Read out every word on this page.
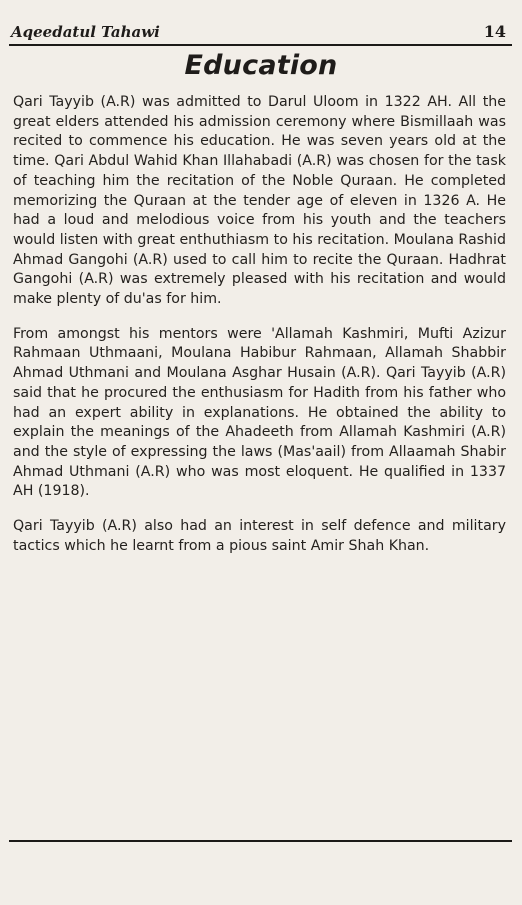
Aqeedatul Tahawi	14
Education

Qari Tayyib (A.R) was admitted to Darul Uloom in 1322 AH. All the great elders attended his admission ceremony where Bismillaah was recited to commence his education. He was seven years old at the time. Qari Abdul Wahid Khan Illahabadi (A.R) was chosen for the task of teaching him the recitation of the Noble Quraan. He completed memorizing the Quraan at the tender age of eleven in 1326 A. He had a loud and melodious voice from his youth and the teachers would listen with great enthuthiasm to his recitation. Moulana Rashid Ahmad Gangohi (A.R) used to call him to recite the Quraan. Hadhrat Gangohi (A.R) was extremely pleased with his recitation and would make plenty of du'as for him.

From amongst his mentors were 'Allamah Kashmiri, Mufti Azizur Rahmaan Uthmaani, Moulana Habibur Rahmaan, Allamah Shabbir Ahmad Uthmani and Moulana Asghar Husain (A.R). Qari Tayyib (A.R) said that he procured the enthusiasm for Hadith from his father who had an expert ability in explanations. He obtained the ability to explain the meanings of the Ahadeeth from Allamah Kashmiri (A.R) and the style of expressing the laws (Mas'aail) from Allaamah Shabir Ahmad Uthmani (A.R) who was most eloquent. He qualified in 1337 AH (1918).

Qari Tayyib (A.R) also had an interest in self defence and military tactics which he learnt from a pious saint Amir Shah Khan.
